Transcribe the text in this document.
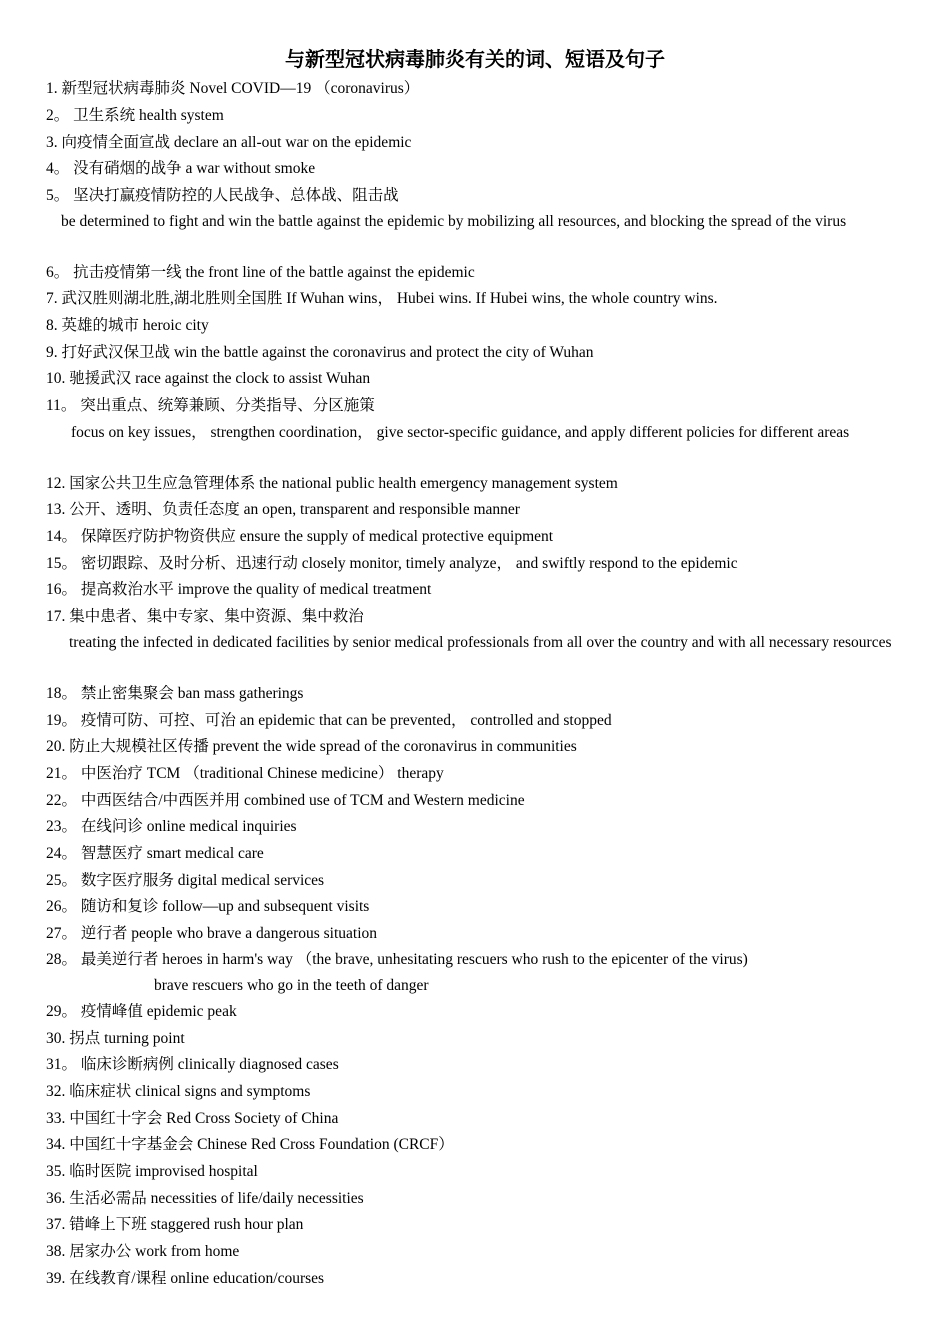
与新型冠状病毒肺炎有关的词、短语及句子
1. 新型冠状病毒肺炎 Novel COVID—19 （coronavirus）
2。 卫生系统 health system
3. 向疫情全面宣战 declare an all-out war on the epidemic
4。 没有硝烟的战争 a war without smoke
5。 坚决打赢疫情防控的人民战争、总体战、阻击战
be determined to fight and win the battle against the epidemic by mobilizing all resources, and blocking the spread of the virus
6。 抗击疫情第一线 the front line of the battle against the epidemic
7. 武汉胜则湖北胜,湖北胜则全国胜 If Wuhan wins， Hubei wins. If Hubei wins, the whole country wins.
8. 英雄的城市 heroic city
9. 打好武汉保卫战 win the battle against the coronavirus and protect the city of Wuhan
10. 驰援武汉 race against the clock to assist Wuhan
11。 突出重点、统筹兼顾、分类指导、分区施策
focus on key issues， strengthen coordination， give sector-specific guidance, and apply different policies for different areas
12. 国家公共卫生应急管理体系 the national public health emergency management system
13. 公开、透明、负责任态度 an open, transparent and responsible manner
14。 保障医疗防护物资供应 ensure the supply of medical protective equipment
15。 密切跟踪、及时分析、迅速行动 closely monitor, timely analyze， and swiftly respond to the epidemic
16。 提高救治水平 improve the quality of medical treatment
17. 集中患者、集中专家、集中资源、集中救治
treating the infected in dedicated facilities by senior medical professionals from all over the country and with all necessary resources
18。 禁止密集聚会 ban mass gatherings
19。 疫情可防、可控、可治 an epidemic that can be prevented， controlled and stopped
20. 防止大规模社区传播 prevent the wide spread of the coronavirus in communities
21。 中医治疗 TCM （traditional Chinese medicine） therapy
22。 中西医结合/中西医并用 combined use of TCM and Western medicine
23。 在线问诊 online medical inquiries
24。 智慧医疗 smart medical care
25。 数字医疗服务 digital medical services
26。 随访和复诊 follow—up and subsequent visits
27。 逆行者 people who brave a dangerous situation
28。 最美逆行者 heroes in harm's way （the brave, unhesitating rescuers who rush to the epicenter of the virus)
brave rescuers who go in the teeth of danger
29。 疫情峰值 epidemic peak
30. 拐点 turning point
31。 临床诊断病例 clinically diagnosed cases
32. 临床症状 clinical signs and symptoms
33. 中国红十字会 Red Cross Society of China
34. 中国红十字基金会 Chinese Red Cross Foundation (CRCF）
35. 临时医院 improvised hospital
36. 生活必需品 necessities of life/daily necessities
37. 错峰上下班 staggered rush hour plan
38. 居家办公 work from home
39. 在线教育/课程 online education/courses
